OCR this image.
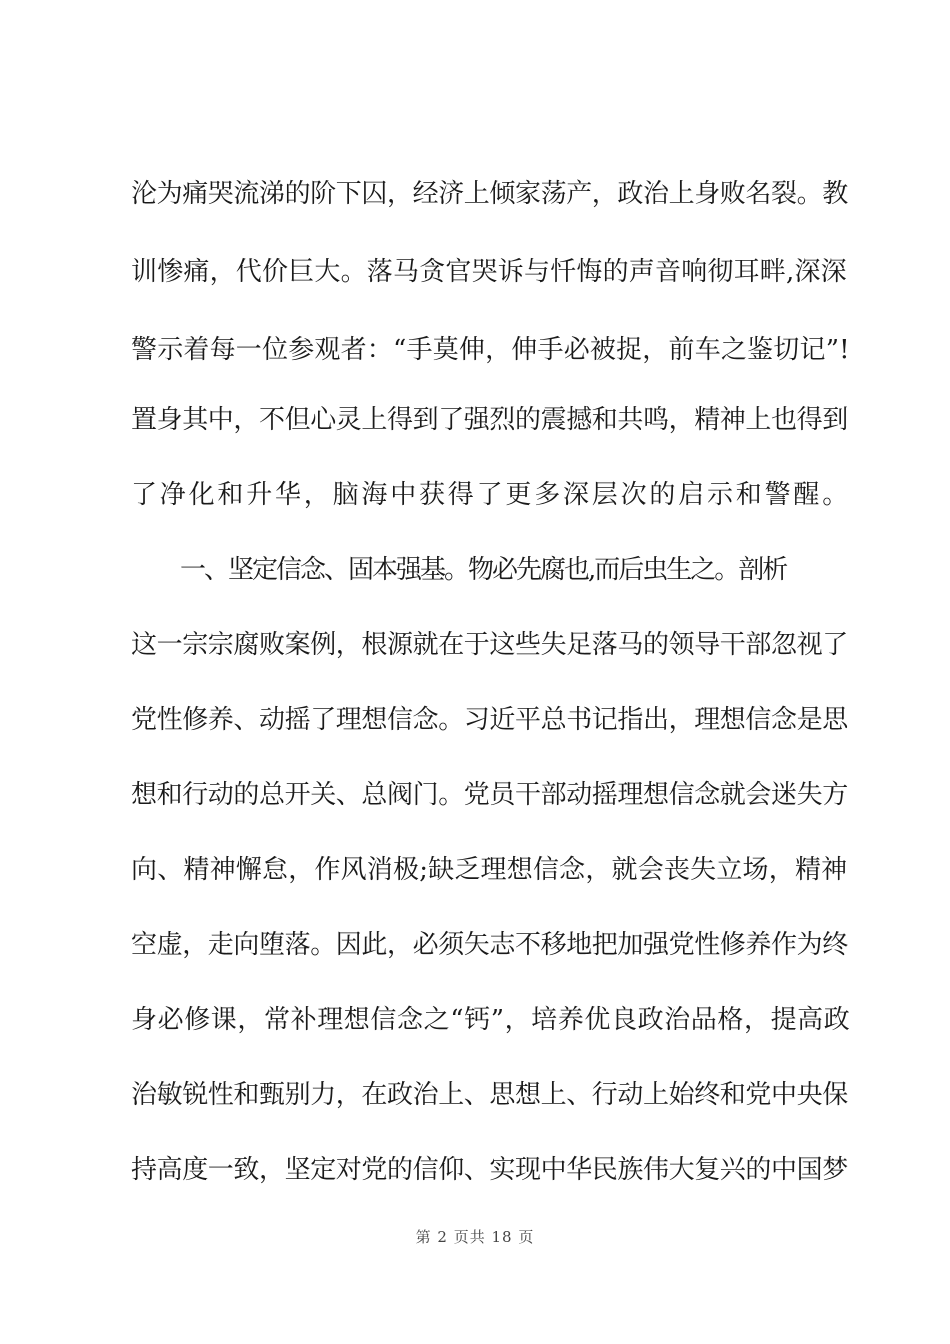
沦为痛哭流涕的阶下囚，经济上倾家荡产，政治上身败名裂。教
训惨痛，代价巨大。落马贪官哭诉与忏悔的声音响彻耳畔,深深
警示着每一位参观者：“手莫伸，伸手必被捉，前车之鉴切记”!
置身其中，不但心灵上得到了强烈的震撼和共鸣，精神上也得到
了净化和升华，脑海中获得了更多深层次的启示和警醒。
一、坚定信念、固本强基。物必先腐也,而后虫生之。剖析
这一宗宗腐败案例，根源就在于这些失足落马的领导干部忽视了
党性修养、动摇了理想信念。习近平总书记指出，理想信念是思
想和行动的总开关、总阀门。党员干部动摇理想信念就会迷失方
向、精神懈怠，作风消极;缺乏理想信念，就会丧失立场，精神
空虚，走向堕落。因此，必须矢志不移地把加强党性修养作为终
身必修课，常补理想信念之“钙”，培养优良政治品格，提高政
治敏锐性和甄别力，在政治上、思想上、行动上始终和党中央保
持高度一致，坚定对党的信仰、实现中华民族伟大复兴的中国梦
第 2 页共 18 页
